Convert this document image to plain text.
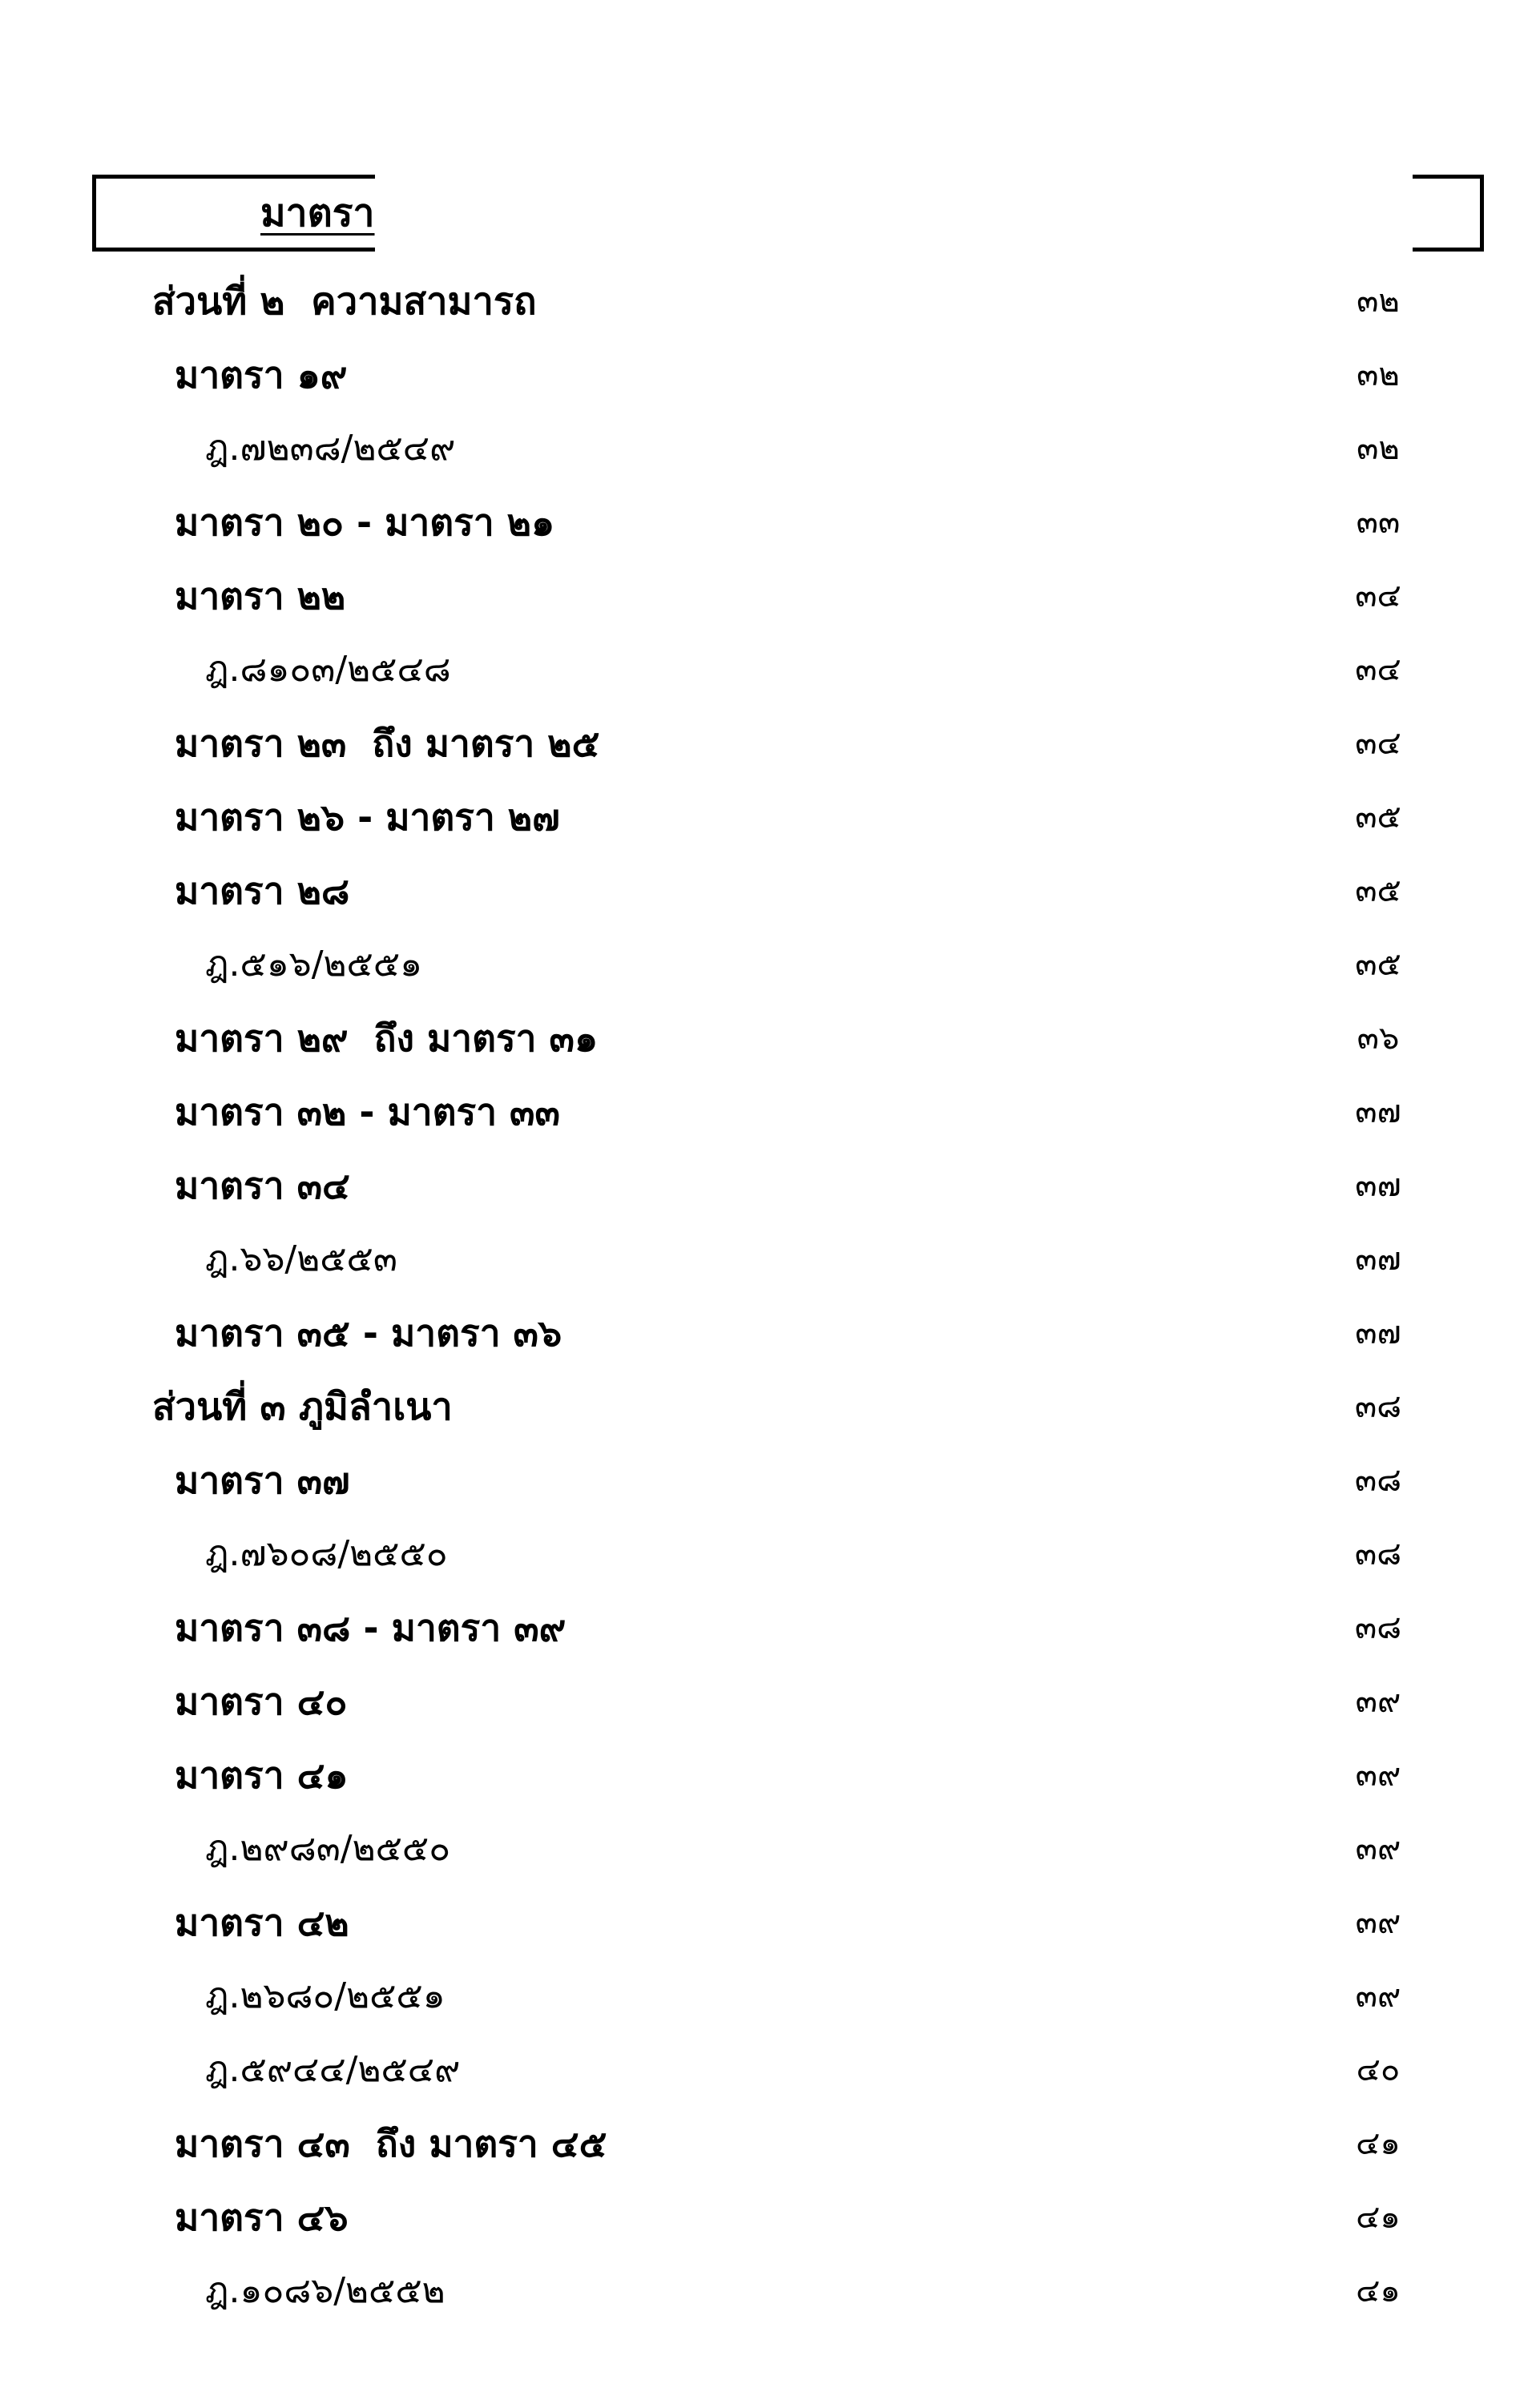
มาตรา
ส่วนที่ ๒  ความสามารถ	๓๒
มาตรา ๑๙	๓๒
ฎ.๗๒๓๘/๒๕๔๙	๓๒
มาตรา ๒๐ - มาตรา ๒๑	๓๓
มาตรา ๒๒	๓๔
ฎ.๘๑๐๓/๒๕๔๘	๓๔
มาตรา ๒๓  ถึง มาตรา ๒๕	๓๔
มาตรา ๒๖ - มาตรา ๒๗	๓๕
มาตรา ๒๘	๓๕
ฎ.๕๑๖/๒๕๕๑	๓๕
มาตรา ๒๙  ถึง มาตรา ๓๑	๓๖
มาตรา ๓๒ - มาตรา ๓๓	๓๗
มาตรา ๓๔	๓๗
ฎ.๖๖/๒๕๕๓	๓๗
มาตรา ๓๕ - มาตรา ๓๖	๓๗
ส่วนที่ ๓ ภูมิลำเนา	๓๘
มาตรา ๓๗	๓๘
ฎ.๗๖๐๘/๒๕๕๐	๓๘
มาตรา ๓๘ - มาตรา ๓๙	๓๘
มาตรา ๔๐	๓๙
มาตรา ๔๑	๓๙
ฎ.๒๙๘๓/๒๕๕๐	๓๙
มาตรา ๔๒	๓๙
ฎ.๒๖๘๐/๒๕๕๑	๓๙
ฎ.๕๙๔๔/๒๕๔๙	๔๐
มาตรา ๔๓  ถึง มาตรา ๔๕	๔๑
มาตรา ๔๖	๔๑
ฎ.๑๐๘๖/๒๕๕๒	๔๑
